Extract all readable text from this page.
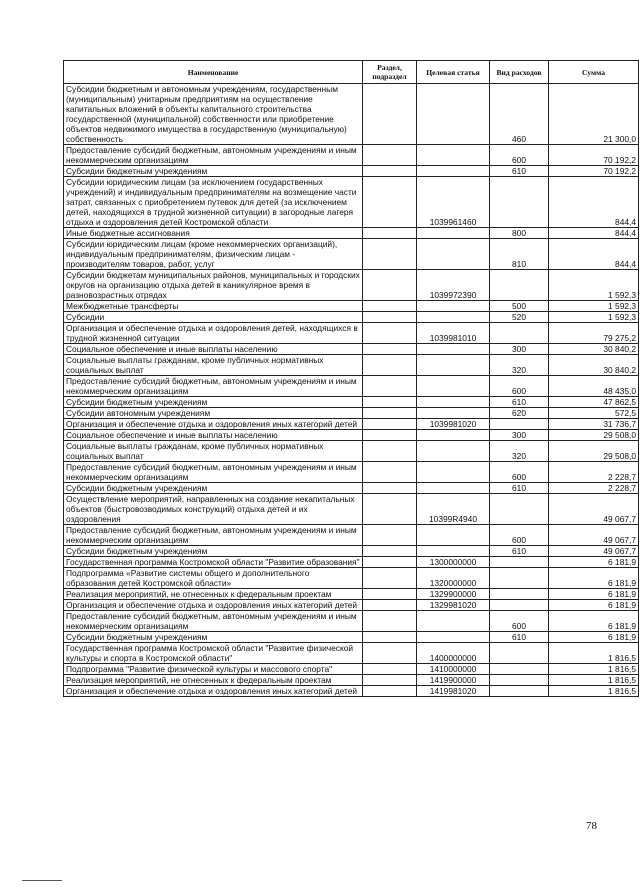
Наименование	Раздел, подраздел	Целевая статья	Вид расходов	Сумма
Субсидии бюджетным и автономным учреждениям, государственным (муниципальным) унитарным предприятиям на осуществление капитальных вложений в объекты капитального строительства государственной (муниципальной) собственности или приобретение объектов недвижимого имущества в государственную (муниципальную) собственность			460	21 300,0
Предоставление субсидий бюджетным, автономным учреждениям и иным некоммерческим организациям			600	70 192,2
Субсидии бюджетным учреждениям			610	70 192,2
Субсидии юридическим лицам (за исключением государственных учреждений) и индивидуальным предпринимателям на возмещение части затрат, связанных с приобретением путевок для детей (за исключением детей, находящихся в трудной жизненной ситуации) в загородные лагеря отдыха и оздоровления детей Костромской области		1039961460		844,4
Иные бюджетные ассигнования			800	844,4
Субсидии юридическим лицам (кроме некоммерческих организаций), индивидуальным предпринимателям, физическим лицам - производителям товаров, работ, услуг			810	844,4
Субсидии бюджетам муниципальных районов, муниципальных и городских округов на организацию отдыха детей в каникулярное время в разновозрастных отрядах		1039972390		1 592,3
Межбюджетные трансферты			500	1 592,3
Субсидии			520	1 592,3
Организация и обеспечение отдыха и оздоровления детей, находящихся в трудной жизненной ситуации		1039981010		79 275,2
Социальное обеспечение и иные выплаты населению			300	30 840,2
Социальные выплаты гражданам, кроме публичных нормативных социальных выплат			320	30 840,2
Предоставление субсидий бюджетным, автономным учреждениям и иным некоммерческим организациям			600	48 435,0
Субсидии бюджетным учреждениям			610	47 862,5
Субсидии автономным учреждениям			620	572,5
Организация и обеспечение отдыха и оздоровления иных категорий детей		1039981020		31 736,7
Социальное обеспечение и иные выплаты населению			300	29 508,0
Социальные выплаты гражданам, кроме публичных нормативных социальных выплат			320	29 508,0
Предоставление субсидий бюджетным, автономным учреждениям и иным некоммерческим организациям			600	2 228,7
Субсидии бюджетным учреждениям			610	2 228,7
Осуществление мероприятий, направленных на создание некапитальных объектов (быстровозводимых конструкций) отдыха детей и их оздоровления		10399R4940		49 067,7
Предоставление субсидий бюджетным, автономным учреждениям и иным некоммерческим организациям			600	49 067,7
Субсидии бюджетным учреждениям			610	49 067,7
Государственная программа Костромской области "Развитие образования"		1300000000		6 181,9
Подпрограмма «Развитие системы общего и дополнительного образования детей Костромской области»		1320000000		6 181,9
Реализация мероприятий, не отнесенных к федеральным проектам		1329900000		6 181,9
Организация и обеспечение отдыха и оздоровления иных категорий детей		1329981020		6 181,9
Предоставление субсидий бюджетным, автономным учреждениям и иным некоммерческим организациям			600	6 181,9
Субсидии бюджетным учреждениям			610	6 181,9
Государственная программа Костромской области "Развитие физической культуры и спорта в Костромской области"		1400000000		1 816,5
Подпрограмма "Развитие физической культуры и массового спорта"		1410000000		1 816,5
Реализация мероприятий, не отнесенных к федеральным проектам		1419900000		1 816,5
Организация и обеспечение отдыха и оздоровления иных категорий детей		1419981020		1 816,5
78
